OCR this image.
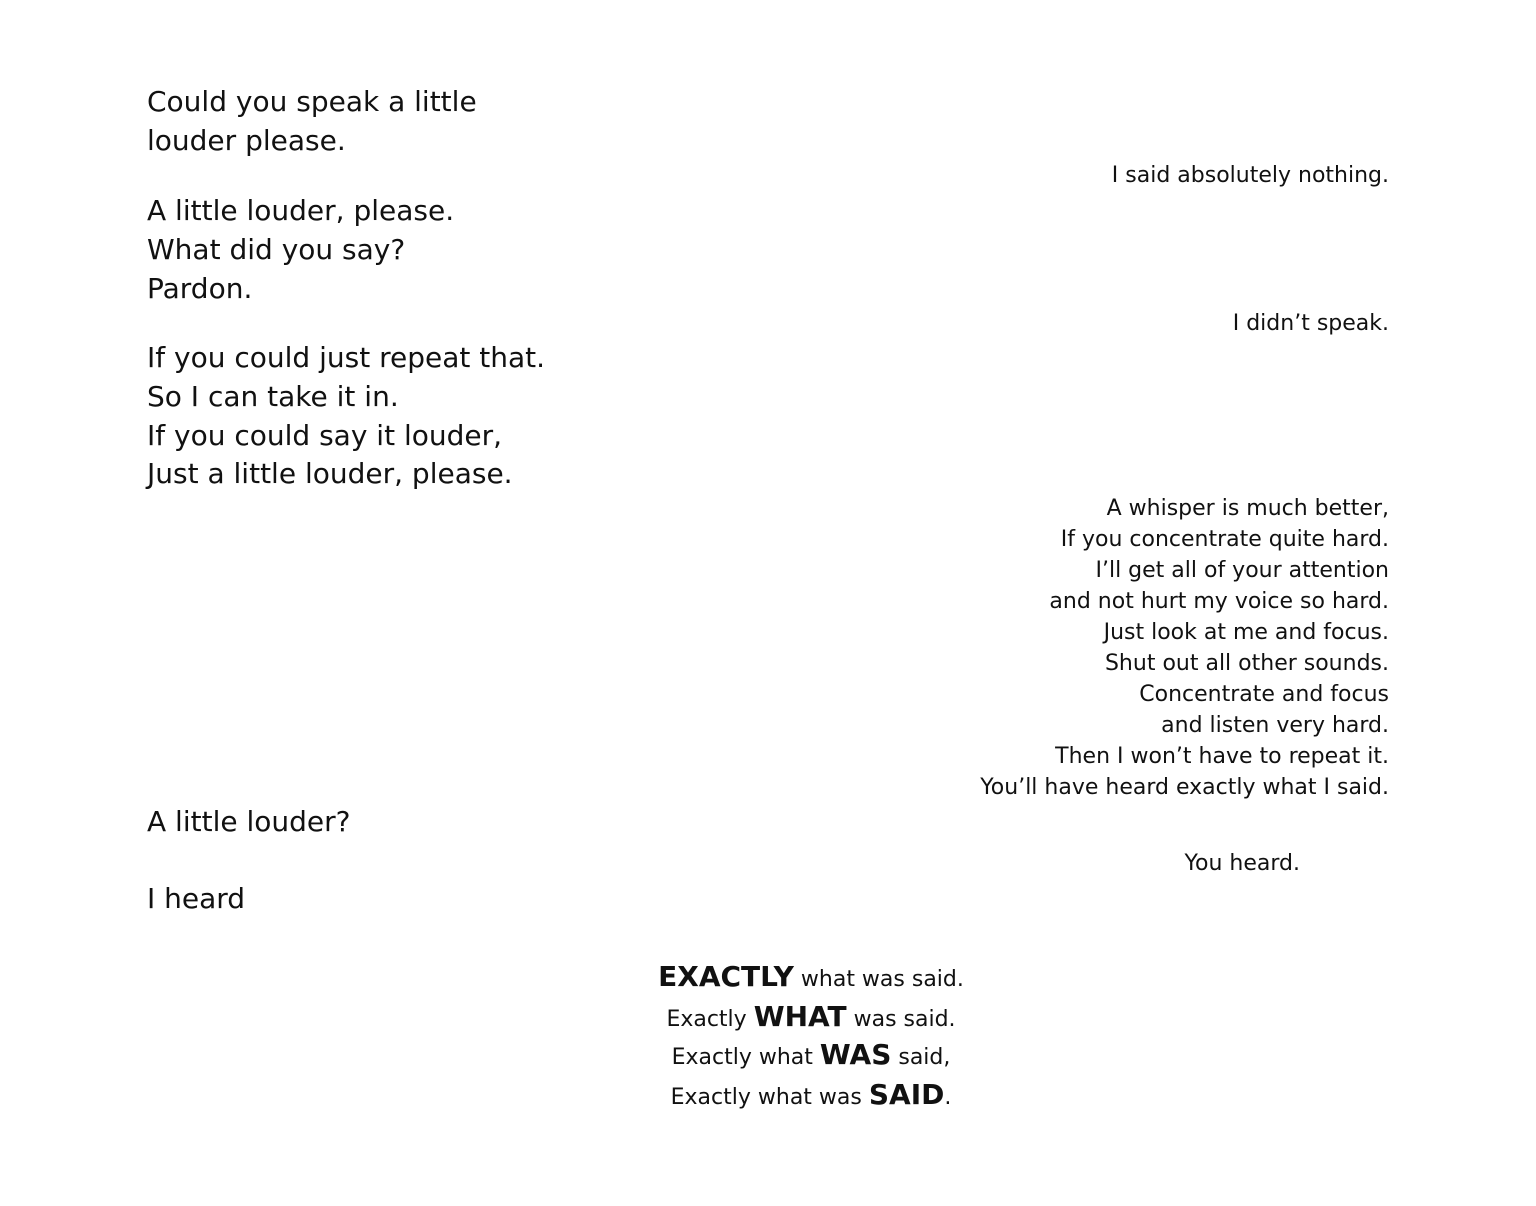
Could you speak a little
louder please.
A little louder, please.
What did you say?
Pardon.
If you could just repeat that.
So I can take it in.
If you could say it louder,
Just a little louder, please.
A little louder?
I heard
I said absolutely nothing.
I didn’t speak.
A whisper is much better,
If you concentrate quite hard.
I’ll get all of your attention
and not hurt my voice so hard.
Just look at me and focus.
Shut out all other sounds.
Concentrate and focus
and listen very hard.
Then I won’t have to repeat it.
You’ll have heard exactly what I said.
You heard.
EXACTLY what was said.
Exactly WHAT was said.
Exactly what WAS said,
Exactly what was SAID.
